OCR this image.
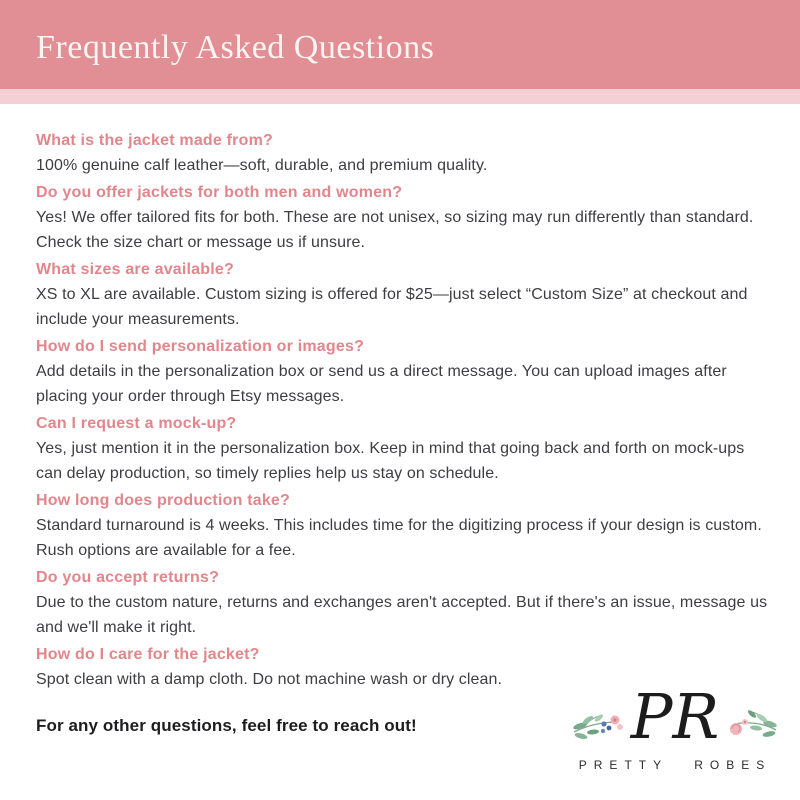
Frequently Asked Questions
What is the jacket made from?
100% genuine calf leather—soft, durable, and premium quality.
Do you offer jackets for both men and women?
Yes! We offer tailored fits for both. These are not unisex, so sizing may run differently than standard. Check the size chart or message us if unsure.
What sizes are available?
XS to XL are available. Custom sizing is offered for $25—just select “Custom Size” at checkout and include your measurements.
How do I send personalization or images?
Add details in the personalization box or send us a direct message. You can upload images after placing your order through Etsy messages.
Can I request a mock-up?
Yes, just mention it in the personalization box. Keep in mind that going back and forth on mock-ups can delay production, so timely replies help us stay on schedule.
How long does production take?
Standard turnaround is 4 weeks. This includes time for the digitizing process if your design is custom. Rush options are available for a fee.
Do you accept returns?
Due to the custom nature, returns and exchanges aren't accepted. But if there's an issue, message us and we'll make it right.
How do I care for the jacket?
Spot clean with a damp cloth. Do not machine wash or dry clean.
For any other questions, feel free to reach out!	PR
PRETTY ROBES
